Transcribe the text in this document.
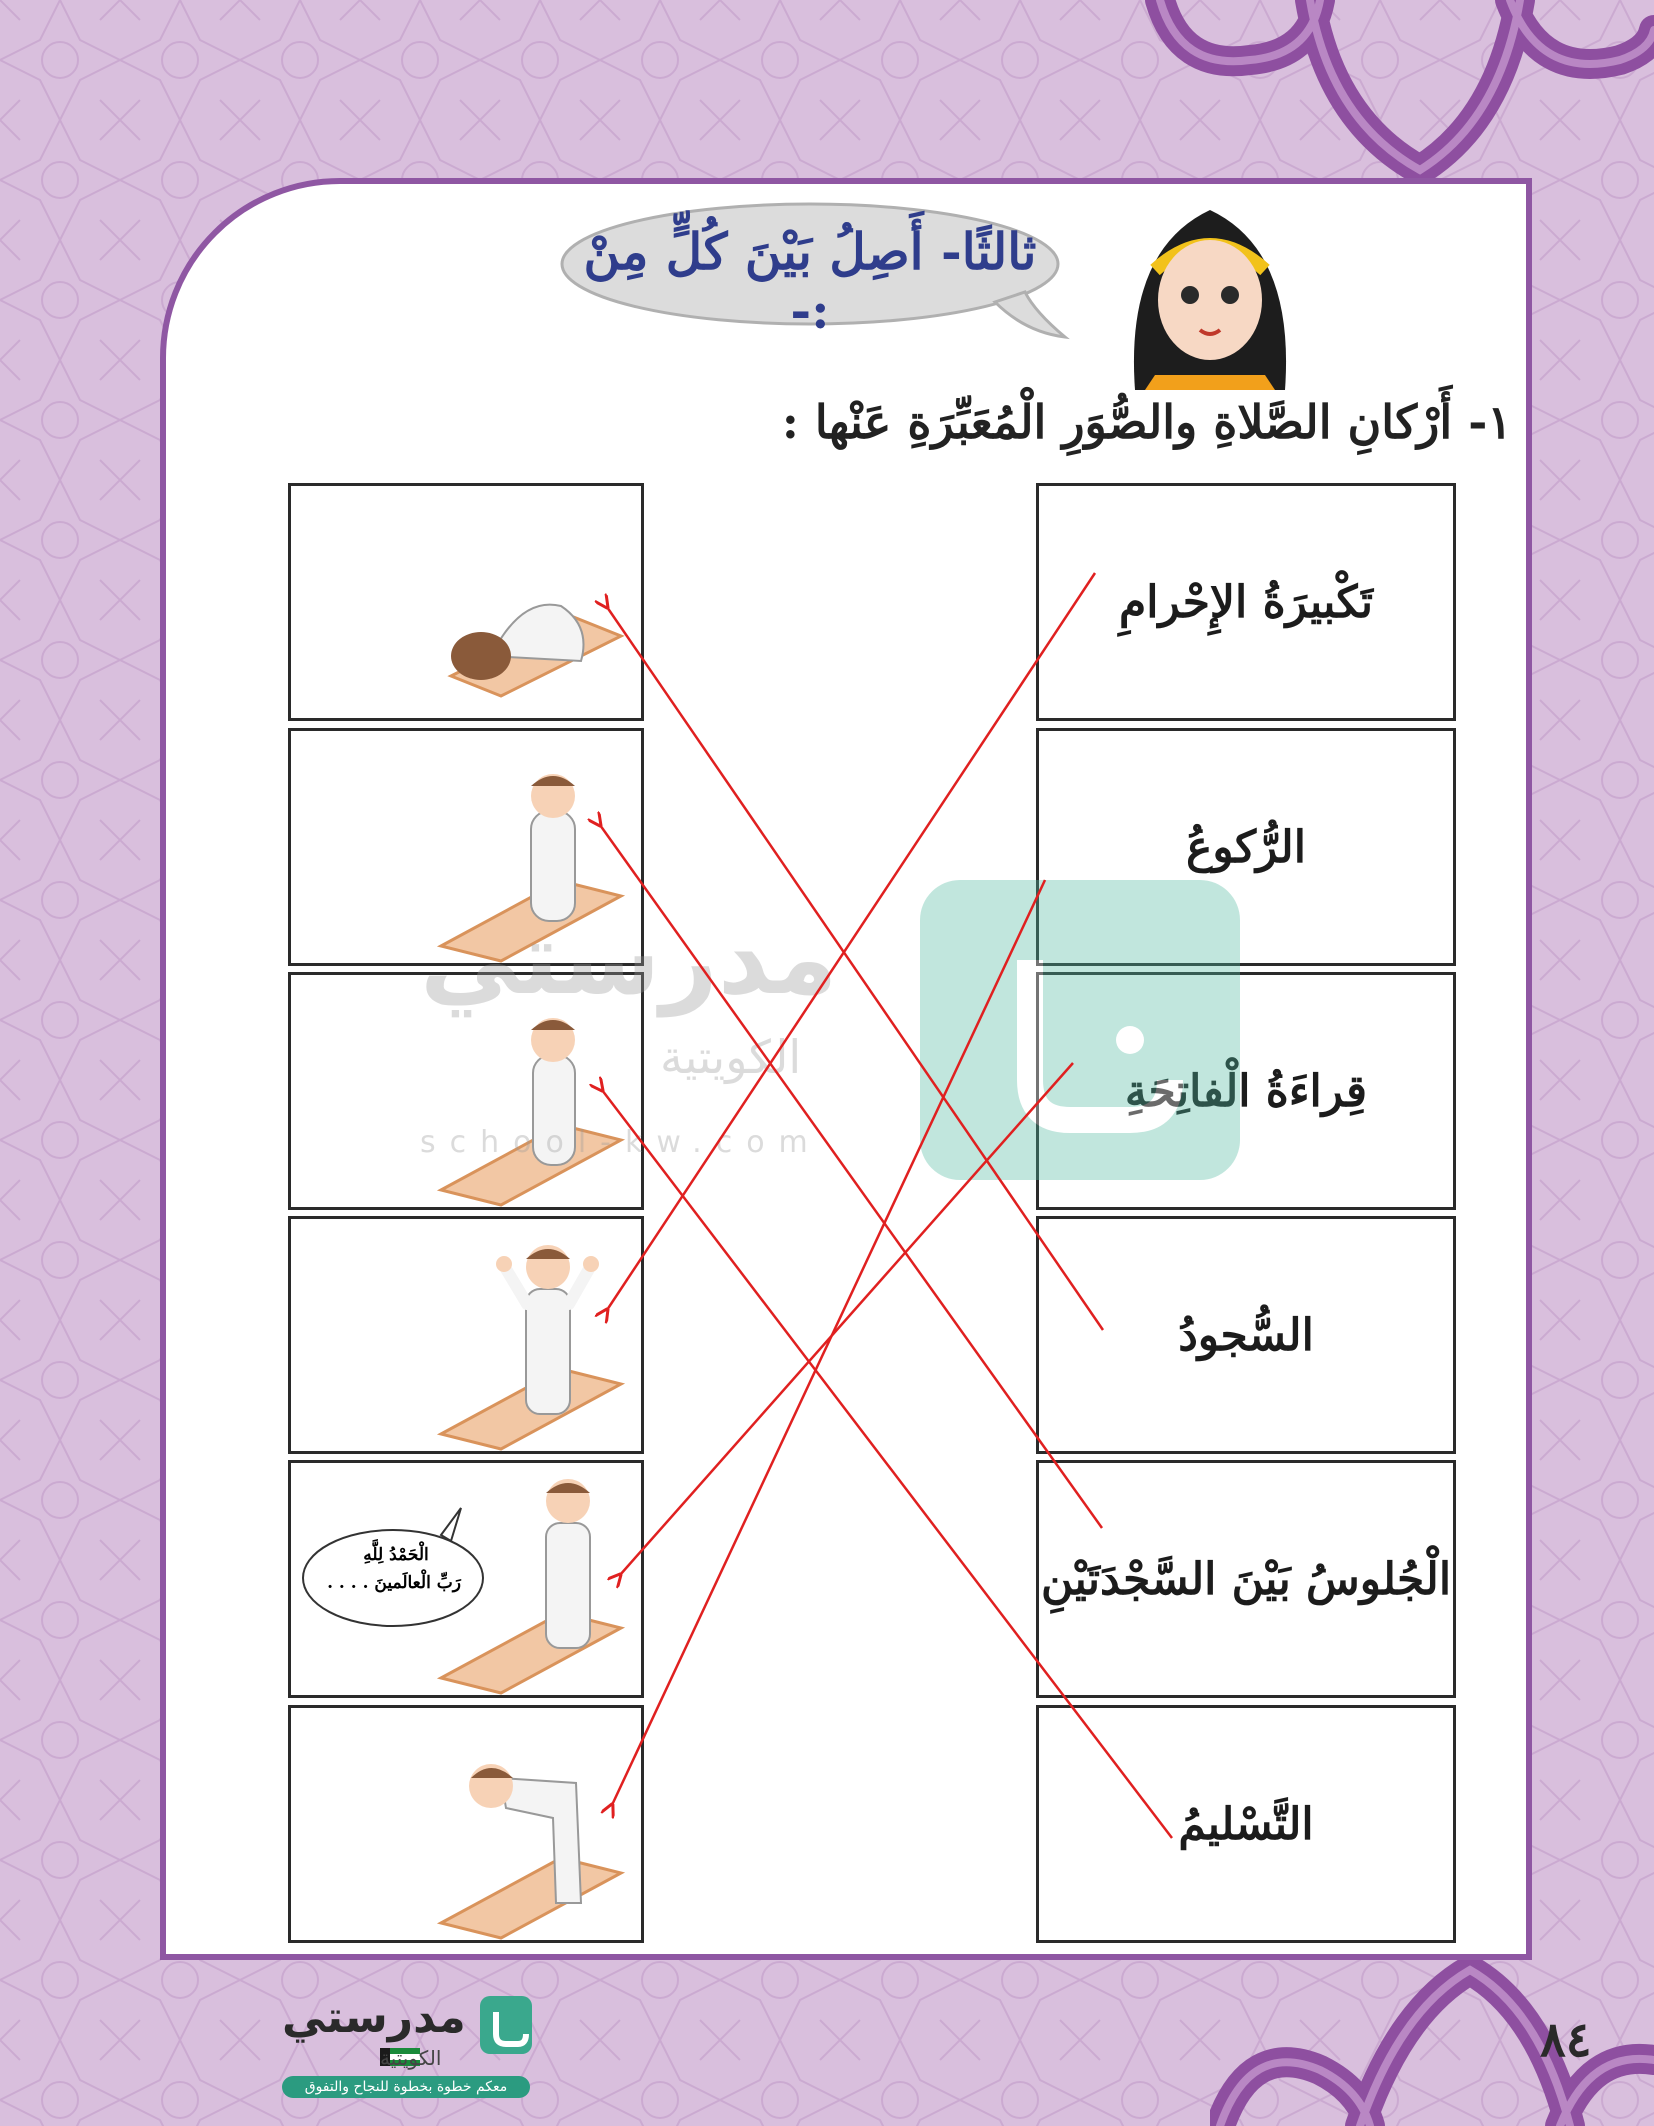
ثالثًا- أَصِلُ بَيْنَ كُلٍّ مِنْ :-
١- أَرْكانِ الصَّلاةِ والصُّوَرِ الْمُعَبِّرَةِ عَنْها :
الْحَمْدُ لِلَّهِ
رَبِّ الْعالَمينَ . . . .
تَكْبيرَةُ الإِحْرامِ
الرُّكوعُ
قِراءَةُ الْفاتِحَةِ
السُّجودُ
الْجُلوسُ بَيْنَ السَّجْدَتَيْنِ
التَّسْليمُ
مدرستي
الكويتية
school-kw.com
مدرستي
الكويتية
معكم خطوة بخطوة للنجاح والتفوق
٨٤
